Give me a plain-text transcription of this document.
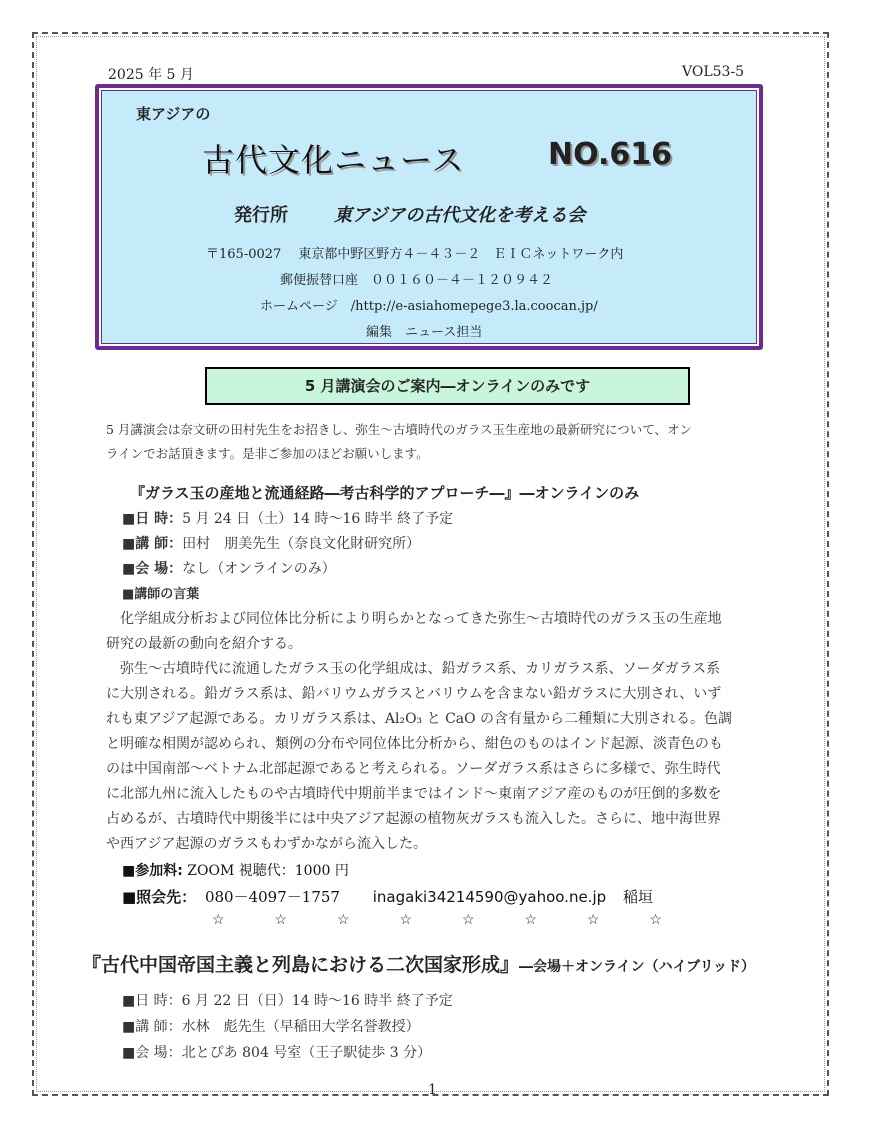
2025 年 5 月	VOL53-5
東アジアの
古代文化ニュース	NO.616
発行所	東アジアの古代文化を考える会
〒165-0027　 東京都中野区野方４－４３－２　ＥＩＣネットワーク内
郵便振替口座　００１６０－４－１２０９４２
ホームページ　/http://e-asiahomepege3.la.coocan.jp/
編集　ニュース担当
5 月講演会のご案内―オンラインのみです
5 月講演会は奈文研の田村先生をお招きし、弥生～古墳時代のガラス玉生産地の最新研究について、オン
ラインでお話頂きます。是非ご参加のほどお願いします。
『ガラス玉の産地と流通経路―考古科学的アプローチ―』―オンラインのみ
■日 時：5 月 24 日（土）14 時～16 時半 終了予定
■講 師：田村　朋美先生（奈良文化財研究所）
■会 場：なし（オンラインのみ）
■講師の言葉
　化学組成分析および同位体比分析により明らかとなってきた弥生～古墳時代のガラス玉の生産地
研究の最新の動向を紹介する。
　弥生～古墳時代に流通したガラス玉の化学組成は、鉛ガラス系、カリガラス系、ソーダガラス系
に大別される。鉛ガラス系は、鉛バリウムガラスとバリウムを含まない鉛ガラスに大別され、いず
れも東アジア起源である。カリガラス系は、Al₂O₃ と CaO の含有量から二種類に大別される。色調
と明確な相関が認められ、類例の分布や同位体比分析から、紺色のものはインド起源、淡青色のも
のは中国南部～ベトナム北部起源であると考えられる。ソーダガラス系はさらに多様で、弥生時代
に北部九州に流入したものや古墳時代中期前半まではインド～東南アジア産のものが圧倒的多数を
占めるが、古墳時代中期後半には中央アジア起源の植物灰ガラスも流入した。さらに、地中海世界
や西アジア起源のガラスもわずかながら流入した。
■参加料: ZOOM 視聴代：1000 円
■照会先： 080－4097－1757 inagaki34214590@yahoo.ne.jp 稲垣
☆	☆	☆	☆	☆	☆	☆	☆
『古代中国帝国主義と列島における二次国家形成』―会場＋オンライン（ハイブリッド）
■日 時：6 月 22 日（日）14 時～16 時半 終了予定
■講 師：水林　彪先生（早稲田大学名誉教授）
■会 場：北とぴあ 804 号室（王子駅徒歩 3 分）
1
